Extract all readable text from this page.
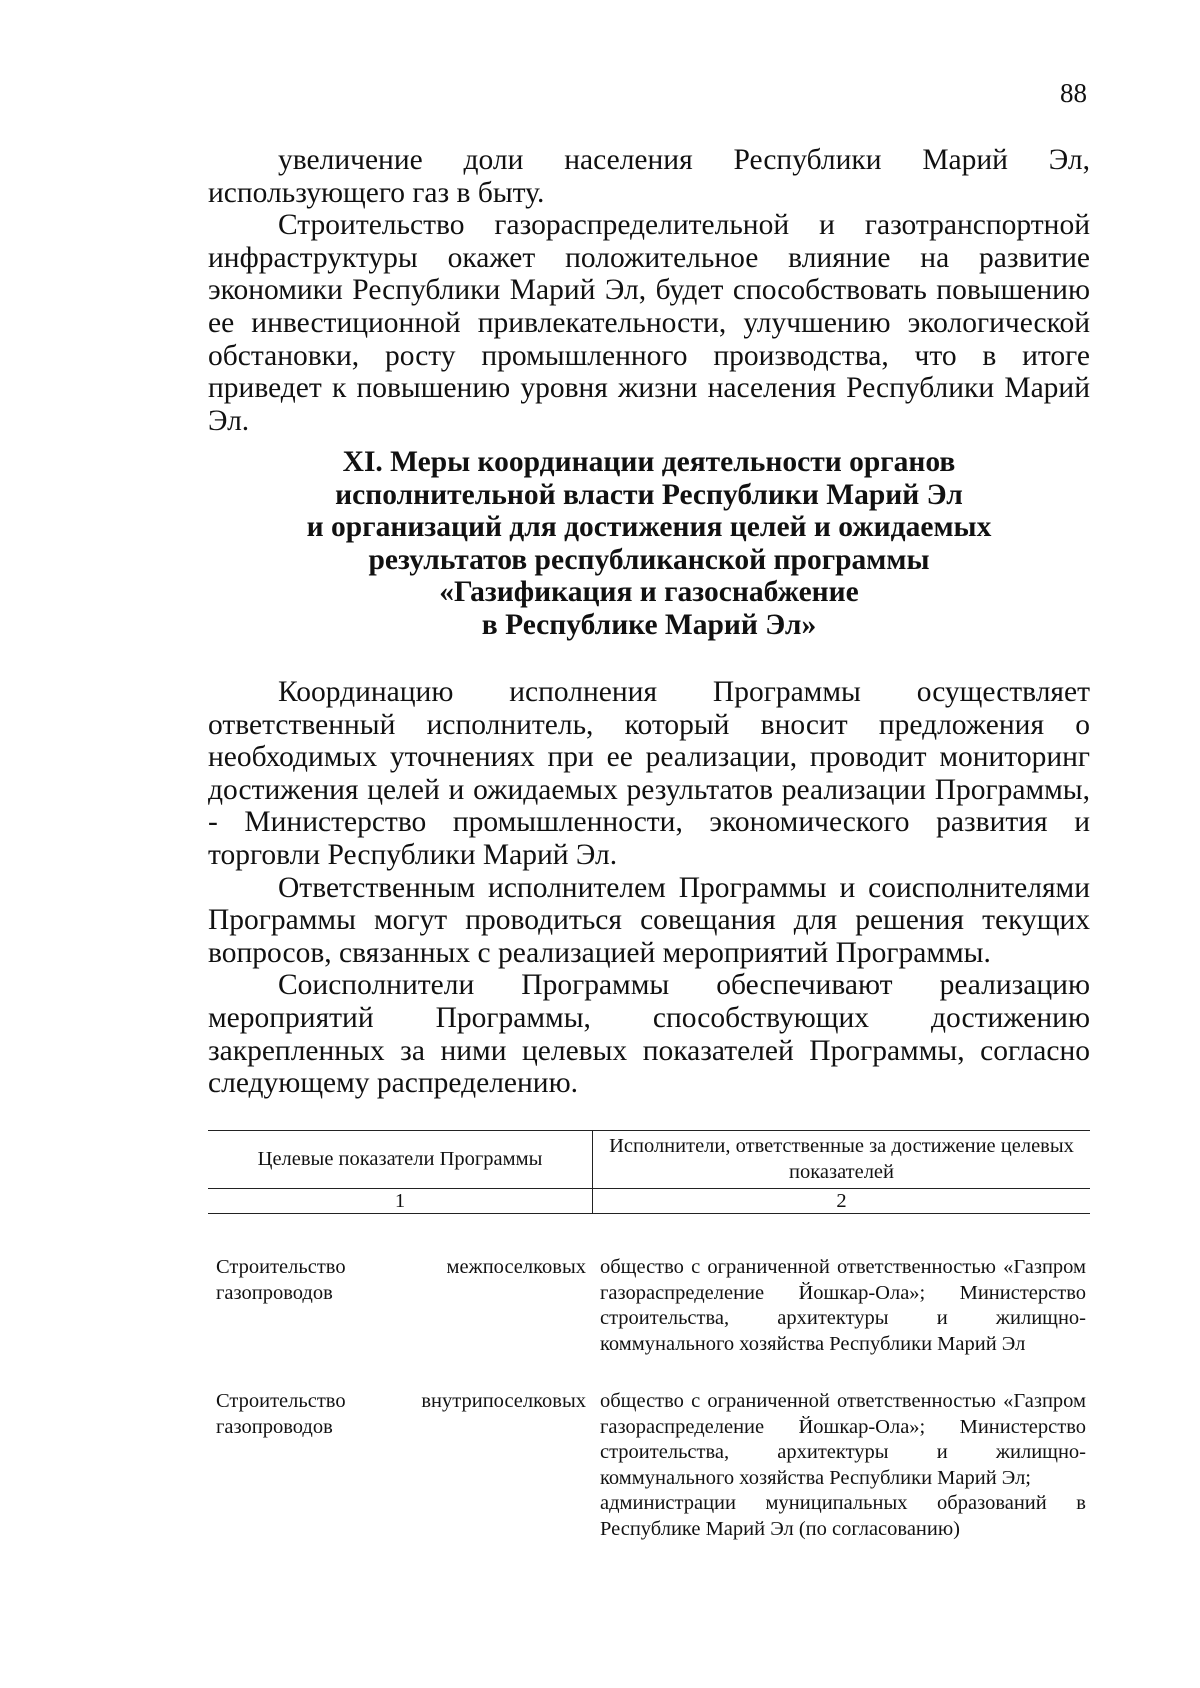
88

увеличение доли населения Республики Марий Эл,

использующего газ в быту.

Строительство газораспределительной и газотранспортной инфраструктуры окажет положительное влияние на развитие экономики Республики Марий Эл, будет способствовать повышению ее инвестиционной привлекательности, улучшению экологической обстановки, росту промышленного производства, что в итоге приведет к повышению уровня жизни населения Республики Марий Эл.

XI. Меры координации деятельности органов
исполнительной власти Республики Марий Эл
и организаций для достижения целей и ожидаемых
результатов республиканской программы
«Газификация и газоснабжение
в Республике Марий Эл»

Координацию исполнения Программы осуществляет ответственный исполнитель, который вносит предложения о необходимых уточнениях при ее реализации, проводит мониторинг достижения целей и ожидаемых результатов реализации Программы, - Министерство промышленности, экономического развития и торговли Республики Марий Эл.

Ответственным исполнителем Программы и соисполнителями Программы могут проводиться совещания для решения текущих вопросов, связанных с реализацией мероприятий Программы.

Соисполнители Программы обеспечивают реализацию мероприятий Программы, способствующих достижению закрепленных за ними целевых показателей Программы, согласно следующему распределению.

Целевые показатели Программы
Исполнители, ответственные за достижение целевых показателей
1	2
Строительство межпоселковых
газопроводов
общество с ограниченной ответственностью «Газпром газораспределение Йошкар-Ола»; Министерство строительства, архитектуры и жилищно-коммунального хозяйства Республики Марий Эл
Строительство внутрипоселковых
газопроводов
общество с ограниченной ответственностью «Газпром газораспределение Йошкар-Ола»; Министерство строительства, архитектуры и жилищно-коммунального хозяйства Республики Марий Эл;
администрации муниципальных образований в Республике Марий Эл (по согласованию)
